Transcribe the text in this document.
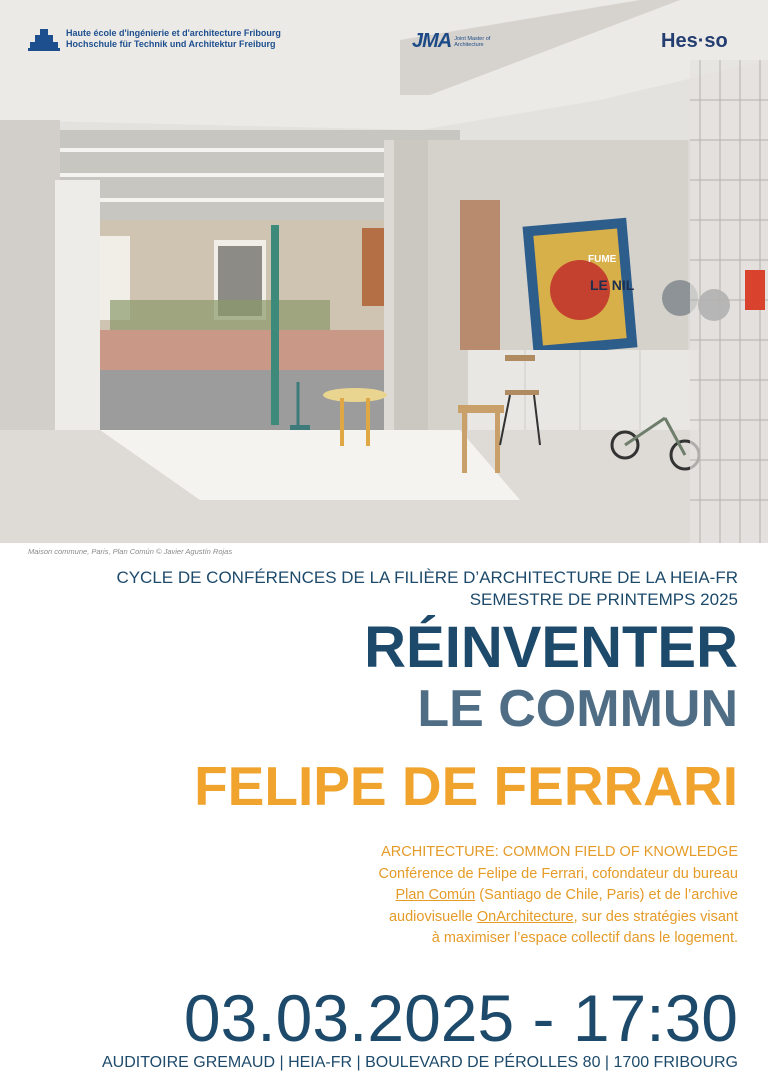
FUME
LE NIL
Haute école d'ingénierie et d'architecture Fribourg
Hochschule für Technik und Architektur Freiburg	JMA Joint Master of Architecture	Hes·so
Maison commune, Paris, Plan Común © Javier Agustín Rojas
CYCLE DE CONFÉRENCES DE LA FILIÈRE D’ARCHITECTURE DE LA HEIA-FR
SEMESTRE DE PRINTEMPS 2025
RÉINVENTER
LE COMMUN
FELIPE DE FERRARI
ARCHITECTURE: COMMON FIELD OF KNOWLEDGE
Conférence de Felipe de Ferrari, cofondateur du bureau
Plan Común (Santiago de Chile, Paris) et de l’archive
audiovisuelle OnArchitecture, sur des stratégies visant
à maximiser l’espace collectif dans le logement.
03.03.2025 - 17:30
AUDITOIRE GREMAUD | HEIA-FR | BOULEVARD DE PÉROLLES 80 | 1700 FRIBOURG
